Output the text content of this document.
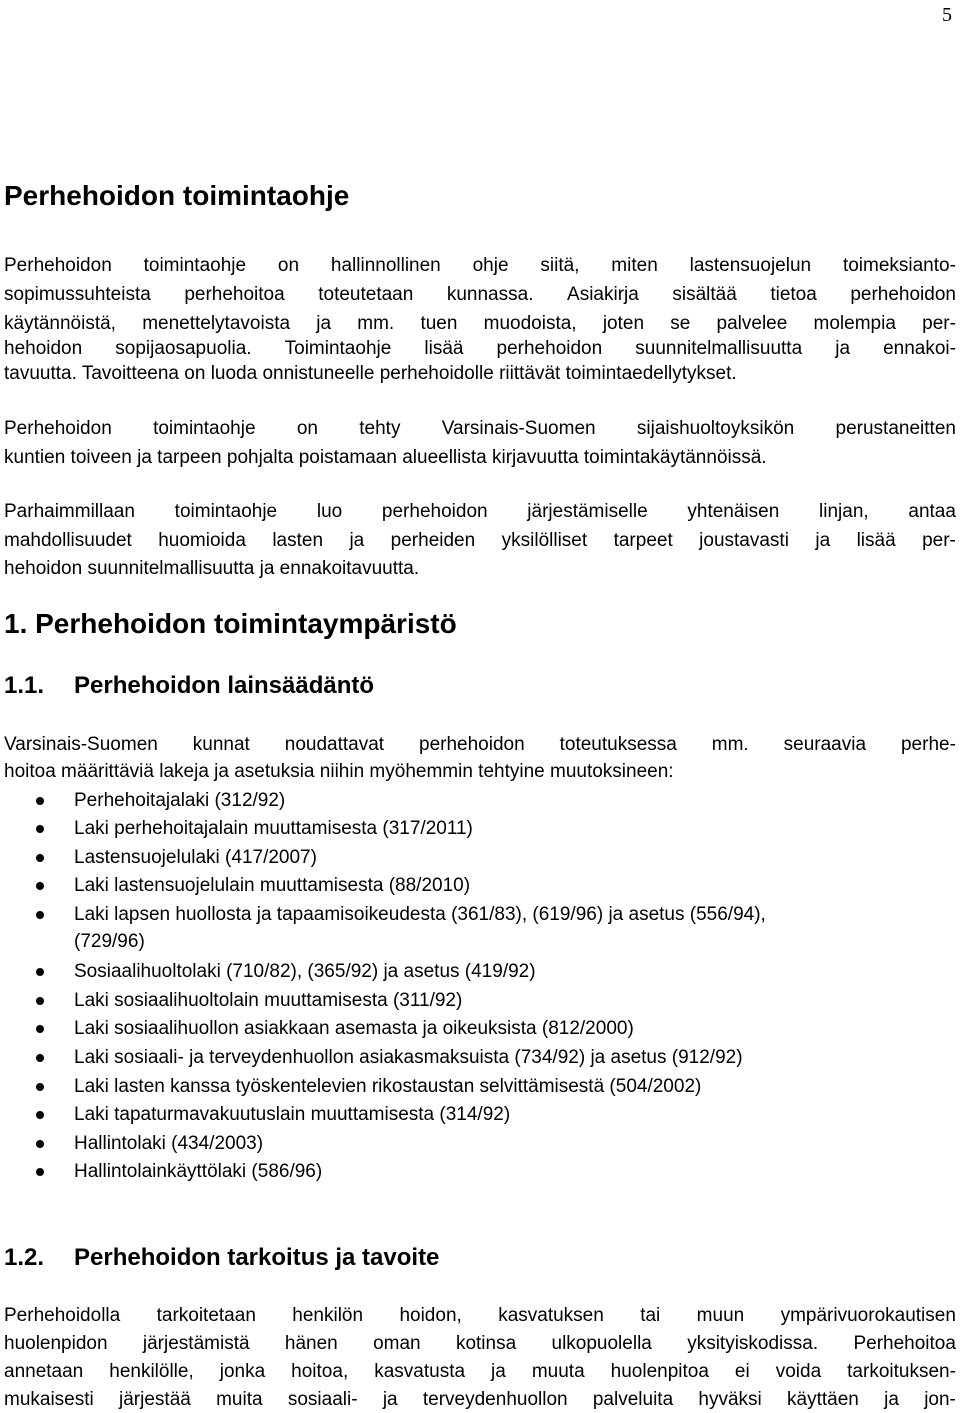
5
Perhehoidon toimintaohje
Perhehoidon toimintaohje on hallinnollinen ohje siitä, miten lastensuojelun toimeksianto-
sopimussuhteista perhehoitoa toteutetaan kunnassa. Asiakirja sisältää tietoa perhehoidon
käytännöistä, menettelytavoista ja mm. tuen muodoista, joten se palvelee molempia per-
hehoidon sopijaosapuolia. Toimintaohje lisää perhehoidon suunnitelmallisuutta ja ennakoi-
tavuutta. Tavoitteena on luoda onnistuneelle perhehoidolle riittävät toimintaedellytykset.
Perhehoidon toimintaohje on tehty Varsinais-Suomen sijaishuoltoyksikön perustaneitten
kuntien toiveen ja tarpeen pohjalta poistamaan alueellista kirjavuutta toimintakäytännöissä.
Parhaimmillaan toimintaohje luo perhehoidon järjestämiselle yhtenäisen linjan, antaa
mahdollisuudet huomioida lasten ja perheiden yksilölliset tarpeet joustavasti ja lisää per-
hehoidon suunnitelmallisuutta ja ennakoitavuutta.
1. Perhehoidon toimintaympäristö
1.1. Perhehoidon lainsäädäntö
Varsinais-Suomen kunnat noudattavat perhehoidon toteutuksessa mm. seuraavia perhe-
hoitoa määrittäviä lakeja ja asetuksia niihin myöhemmin tehtyine muutoksineen:
Perhehoitajalaki (312/92)
Laki perhehoitajalain muuttamisesta (317/2011)
Lastensuojelulaki (417/2007)
Laki lastensuojelulain muuttamisesta (88/2010)
Laki lapsen huollosta ja tapaamisoikeudesta (361/83), (619/96) ja asetus (556/94),
(729/96)
Sosiaalihuoltolaki (710/82), (365/92) ja asetus (419/92)
Laki sosiaalihuoltolain muuttamisesta (311/92)
Laki sosiaalihuollon asiakkaan asemasta ja oikeuksista (812/2000)
Laki sosiaali- ja terveydenhuollon asiakasmaksuista (734/92) ja asetus (912/92)
Laki lasten kanssa työskentelevien rikostaustan selvittämisestä (504/2002)
Laki tapaturmavakuutuslain muuttamisesta (314/92)
Hallintolaki (434/2003)
Hallintolainkäyttölaki (586/96)
1.2. Perhehoidon tarkoitus ja tavoite
Perhehoidolla tarkoitetaan henkilön hoidon, kasvatuksen tai muun ympärivuorokautisen
huolenpidon järjestämistä hänen oman kotinsa ulkopuolella yksityiskodissa. Perhehoitoa
annetaan henkilölle, jonka hoitoa, kasvatusta ja muuta huolenpitoa ei voida tarkoituksen-
mukaisesti järjestää muita sosiaali- ja terveydenhuollon palveluita hyväksi käyttäen ja jon-
